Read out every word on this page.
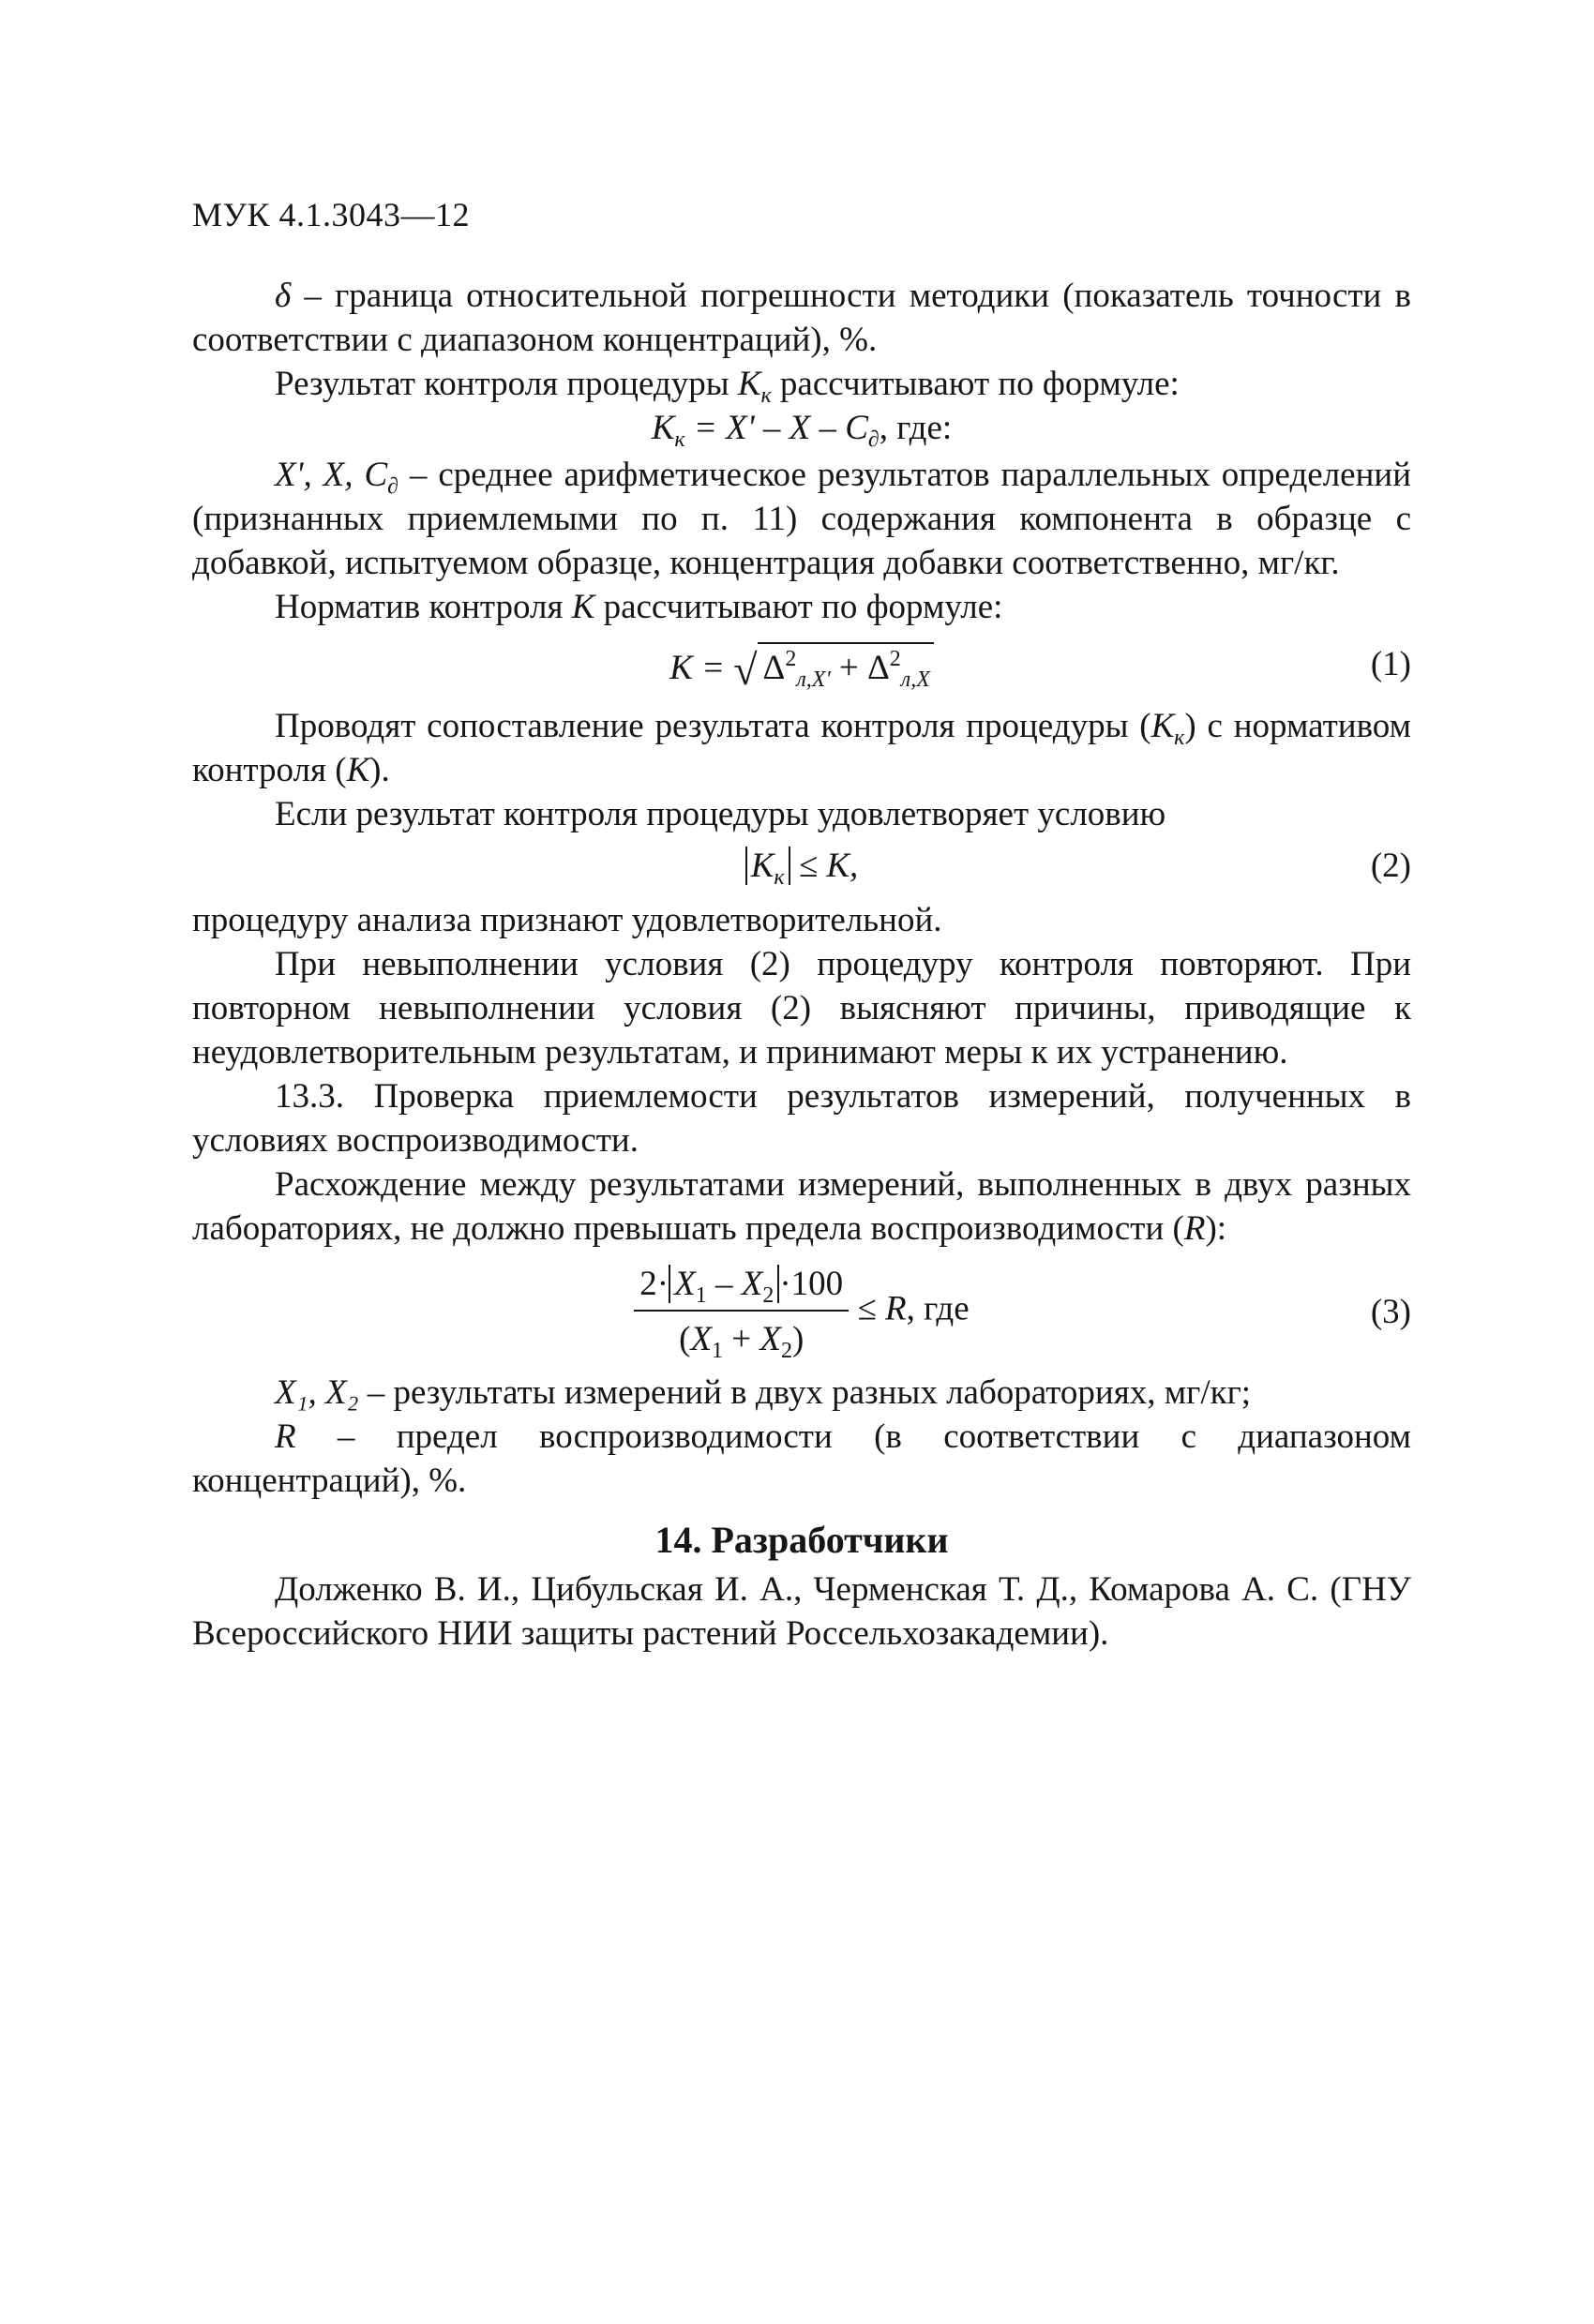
МУК 4.1.3043—12

δ – граница относительной погрешности методики (показатель точности в соответствии с диапазоном концентраций), %.

Результат контроля процедуры $К_к$ рассчитывают по формуле:

$К_к = X' - X - C_\partial$, где:

X', X, $C_\partial$ – среднее арифметическое результатов параллельных определений (признанных приемлемыми по п. 11) содержания компонента в образце с добавкой, испытуемом образце, концентрация добавки соответственно, мг/кг.

Норматив контроля К рассчитывают по формуле:

K = √ $\Delta^2_{л,X'} + \Delta^2_{л,X}$	(1)

Проводят сопоставление результата контроля процедуры $(К_к)$ с нормативом контроля (К).

Если результат контроля процедуры удовлетворяет условию

$К_к \le К$,	(2)

процедуру анализа признают удовлетворительной.

При невыполнении условия (2) процедуру контроля повторяют. При повторном невыполнении условия (2) выясняют причины, приводящие к неудовлетворительным результатам, и принимают меры к их устранению.

13.3. Проверка приемлемости результатов измерений, полученных в условиях воспроизводимости.

Расхождение между результатами измерений, выполненных в двух разных лабораториях, не должно превышать предела воспроизводимости (R):

$\frac{2\cdot X_1 - X_2 \cdot 100}{(X_1 + X_2)} \le R$, где	(3)

X₁, X₂ – результаты измерений в двух разных лабораториях, мг/кг;

R – предел воспроизводимости (в соответствии с диапазоном концентраций), %.

14. Разработчики

Долженко В. И., Цибульская И. А., Черменская Т. Д., Комарова А. С. (ГНУ Всероссийского НИИ защиты растений Россельхозакадемии).
